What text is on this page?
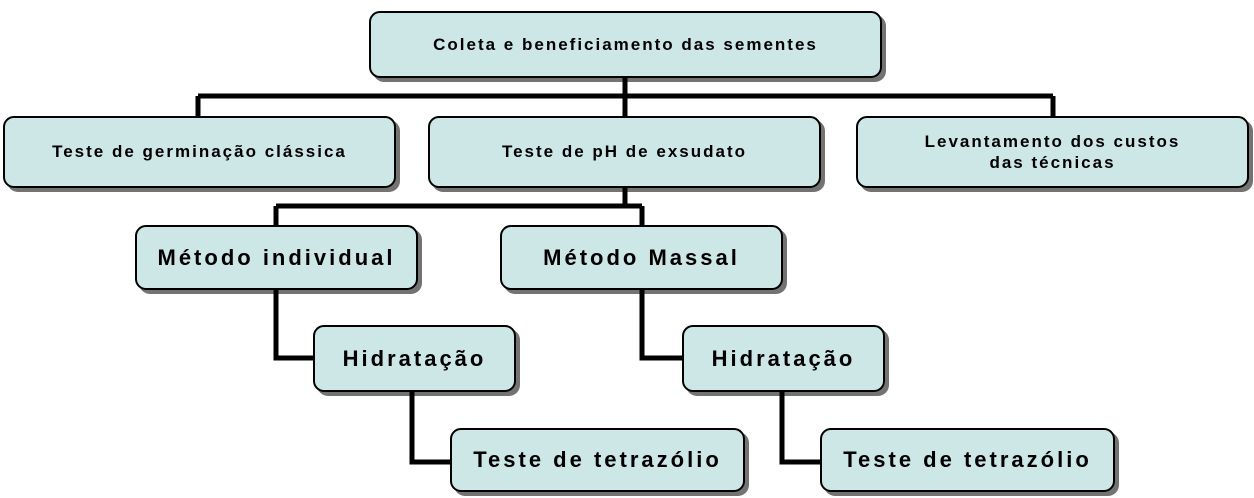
Coleta e beneficiamento das sementes
Teste de germinação clássica	Teste de pH de exsudato
Levantamento dos custos
das técnicas
Método individual	Método Massal
Hidratação	Hidratação
Teste de tetrazólio	Teste de tetrazólio
